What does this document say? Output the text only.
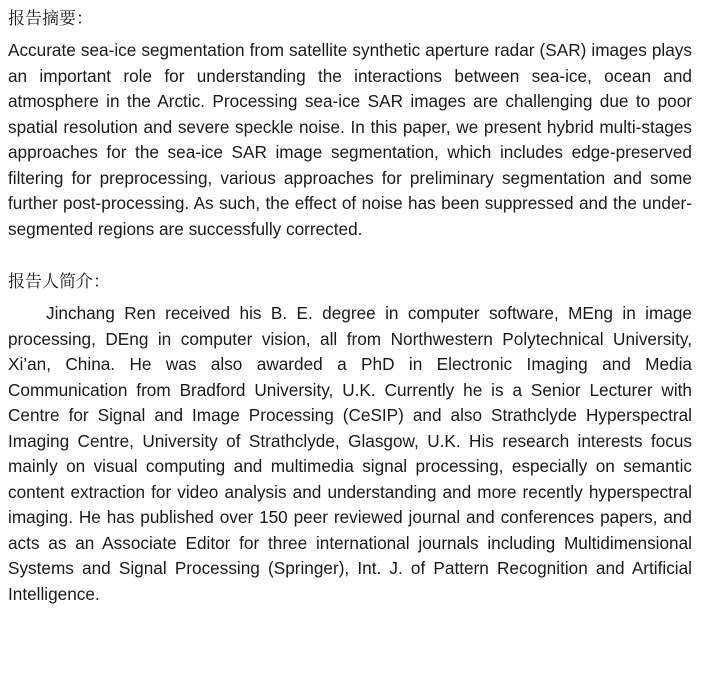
报告摘要：

Accurate sea-ice segmentation from satellite synthetic aperture radar (SAR) images plays an important role for understanding the interactions between sea-ice, ocean and atmosphere in the Arctic. Processing sea-ice SAR images are challenging due to poor spatial resolution and severe speckle noise. In this paper, we present hybrid multi-stages approaches for the sea-ice SAR image segmentation, which includes edge-preserved filtering for preprocessing, various approaches for preliminary segmentation and some further post-processing. As such, the effect of noise has been suppressed and the under-segmented regions are successfully corrected.

报告人简介：

Jinchang Ren received his B. E. degree in computer software, MEng in image processing, DEng in computer vision, all from Northwestern Polytechnical University, Xi’an, China. He was also awarded a PhD in Electronic Imaging and Media Communication from Bradford University, U.K. Currently he is a Senior Lecturer with Centre for Signal and Image Processing (CeSIP) and also Strathclyde Hyperspectral Imaging Centre, University of Strathclyde, Glasgow, U.K. His research interests focus mainly on visual computing and multimedia signal processing, especially on semantic content extraction for video analysis and understanding and more recently hyperspectral imaging. He has published over 150 peer reviewed journal and conferences papers, and acts as an Associate Editor for three international journals including Multidimensional Systems and Signal Processing (Springer), Int. J. of Pattern Recognition and Artificial Intelligence.
